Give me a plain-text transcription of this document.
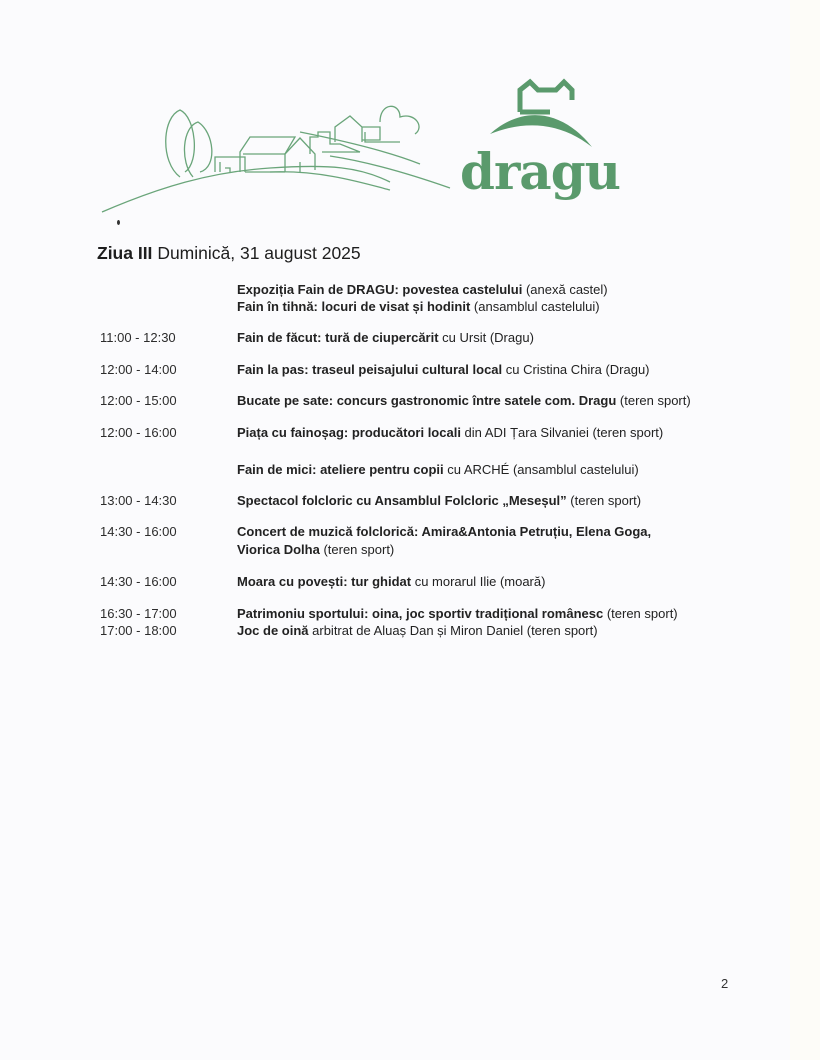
dragu
Ziua III Duminică, 31 august 2025
Expoziția Fain de DRAGU: povestea castelului (anexă castel)
Fain în tihnă: locuri de visat și hodinit (ansamblul castelului)
11:00 - 12:30	Fain de făcut: tură de ciupercărit cu Ursit (Dragu)
12:00 - 14:00	Fain la pas: traseul peisajului cultural local cu Cristina Chira (Dragu)
12:00 - 15:00	Bucate pe sate: concurs gastronomic între satele com. Dragu (teren sport)
12:00 - 16:00	Piața cu fainoșag: producători locali din ADI Țara Silvaniei (teren sport)
Fain de mici: ateliere pentru copii cu ARCHÉ (ansamblul castelului)
13:00 - 14:30	Spectacol folcloric cu Ansamblul Folcloric „Meseșul” (teren sport)
14:30 - 16:00	Concert de muzică folclorică: Amira&Antonia Petruțiu, Elena Goga,
Viorica Dolha (teren sport)
14:30 - 16:00	Moara cu povești: tur ghidat cu morarul Ilie (moară)
16:30 - 17:00	Patrimoniu sportului: oina, joc sportiv tradițional românesc (teren sport)
17:00 - 18:00	Joc de oină arbitrat de Aluaș Dan și Miron Daniel (teren sport)
2
